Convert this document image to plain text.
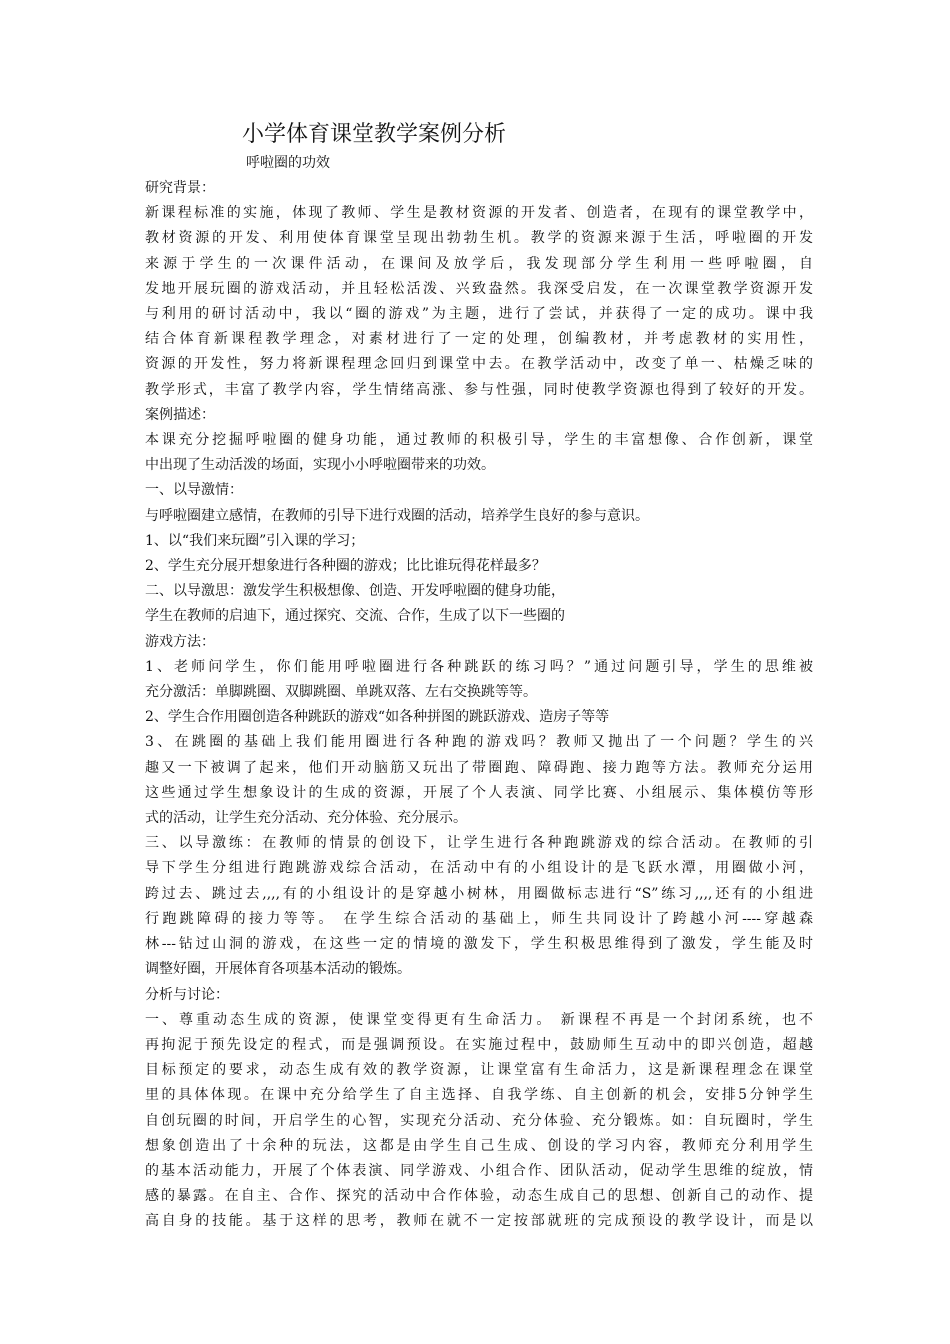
小学体育课堂教学案例分析
呼啦圈的功效
研究背景：
新课程标准的实施，体现了教师、学生是教材资源的开发者、创造者，在现有的课堂教学中，
教材资源的开发、利用使体育课堂呈现出勃勃生机。教学的资源来源于生活，呼啦圈的开发
来源于学生的一次课件活动，在课间及放学后，我发现部分学生利用一些呼啦圈，自
发地开展玩圈的游戏活动，并且轻松活泼、兴致盎然。我深受启发，在一次课堂教学资源开发
与利用的研讨活动中，我以“圈的游戏”为主题，进行了尝试，并获得了一定的成功。课中我
结合体育新课程教学理念，对素材进行了一定的处理，创编教材，并考虑教材的实用性，
资源的开发性，努力将新课程理念回归到课堂中去。在教学活动中，改变了单一、枯燥乏味的
教学形式，丰富了教学内容，学生情绪高涨、参与性强，同时使教学资源也得到了较好的开发。
案例描述：
本课充分挖掘呼啦圈的健身功能，通过教师的积极引导，学生的丰富想像、合作创新，课堂
中出现了生动活泼的场面，实现小小呼啦圈带来的功效。
一、以导激情：
与呼啦圈建立感情，在教师的引导下进行戏圈的活动，培养学生良好的参与意识。
1、以“我们来玩圈”引入课的学习；
2、学生充分展开想象进行各种圈的游戏；比比谁玩得花样最多？
二、以导激思：激发学生积极想像、创造、开发呼啦圈的健身功能，
学生在教师的启迪下，通过探究、交流、合作，生成了以下一些圈的
游戏方法：
1、老师问学生，你们能用呼啦圈进行各种跳跃的练习吗？”通过问题引导，学生的思维被
充分激活：单脚跳圈、双脚跳圈、单跳双落、左右交换跳等等。
2、学生合作用圈创造各种跳跃的游戏“如各种拼图的跳跃游戏、造房子等等
3、在跳圈的基础上我们能用圈进行各种跑的游戏吗？教师又抛出了一个问题？学生的兴
趣又一下被调了起来，他们开动脑筋又玩出了带圈跑、障碍跑、接力跑等方法。教师充分运用
这些通过学生想象设计的生成的资源，开展了个人表演、同学比赛、小组展示、集体模仿等形
式的活动，让学生充分活动、充分体验、充分展示。
三、以导激练：在教师的情景的创设下，让学生进行各种跑跳游戏的综合活动。在教师的引
导下学生分组进行跑跳游戏综合活动，在活动中有的小组设计的是飞跃水潭，用圈做小河，
跨过去、跳过去,,,,有的小组设计的是穿越小树林，用圈做标志进行“S”练习,,,,还有的小组进
行跑跳障碍的接力等等。 在学生综合活动的基础上，师生共同设计了跨越小河----穿越森
林---钻过山洞的游戏，在这些一定的情境的激发下，学生积极思维得到了激发，学生能及时
调整好圈，开展体育各项基本活动的锻炼。
分析与讨论：
一、尊重动态生成的资源，使课堂变得更有生命活力。 新课程不再是一个封闭系统，也不
再拘泥于预先设定的程式，而是强调预设。在实施过程中，鼓励师生互动中的即兴创造，超越
目标预定的要求，动态生成有效的教学资源，让课堂富有生命活力，这是新课程理念在课堂
里的具体体现。在课中充分给学生了自主选择、自我学练、自主创新的机会，安排5分钟学生
自创玩圈的时间，开启学生的心智，实现充分活动、充分体验、充分锻炼。如：自玩圈时，学生
想象创造出了十余种的玩法，这都是由学生自己生成、创设的学习内容，教师充分利用学生
的基本活动能力，开展了个体表演、同学游戏、小组合作、团队活动，促动学生思维的绽放，情
感的暴露。在自主、合作、探究的活动中合作体验，动态生成自己的思想、创新自己的动作、提
高自身的技能。基于这样的思考，教师在就不一定按部就班的完成预设的教学设计，而是以
